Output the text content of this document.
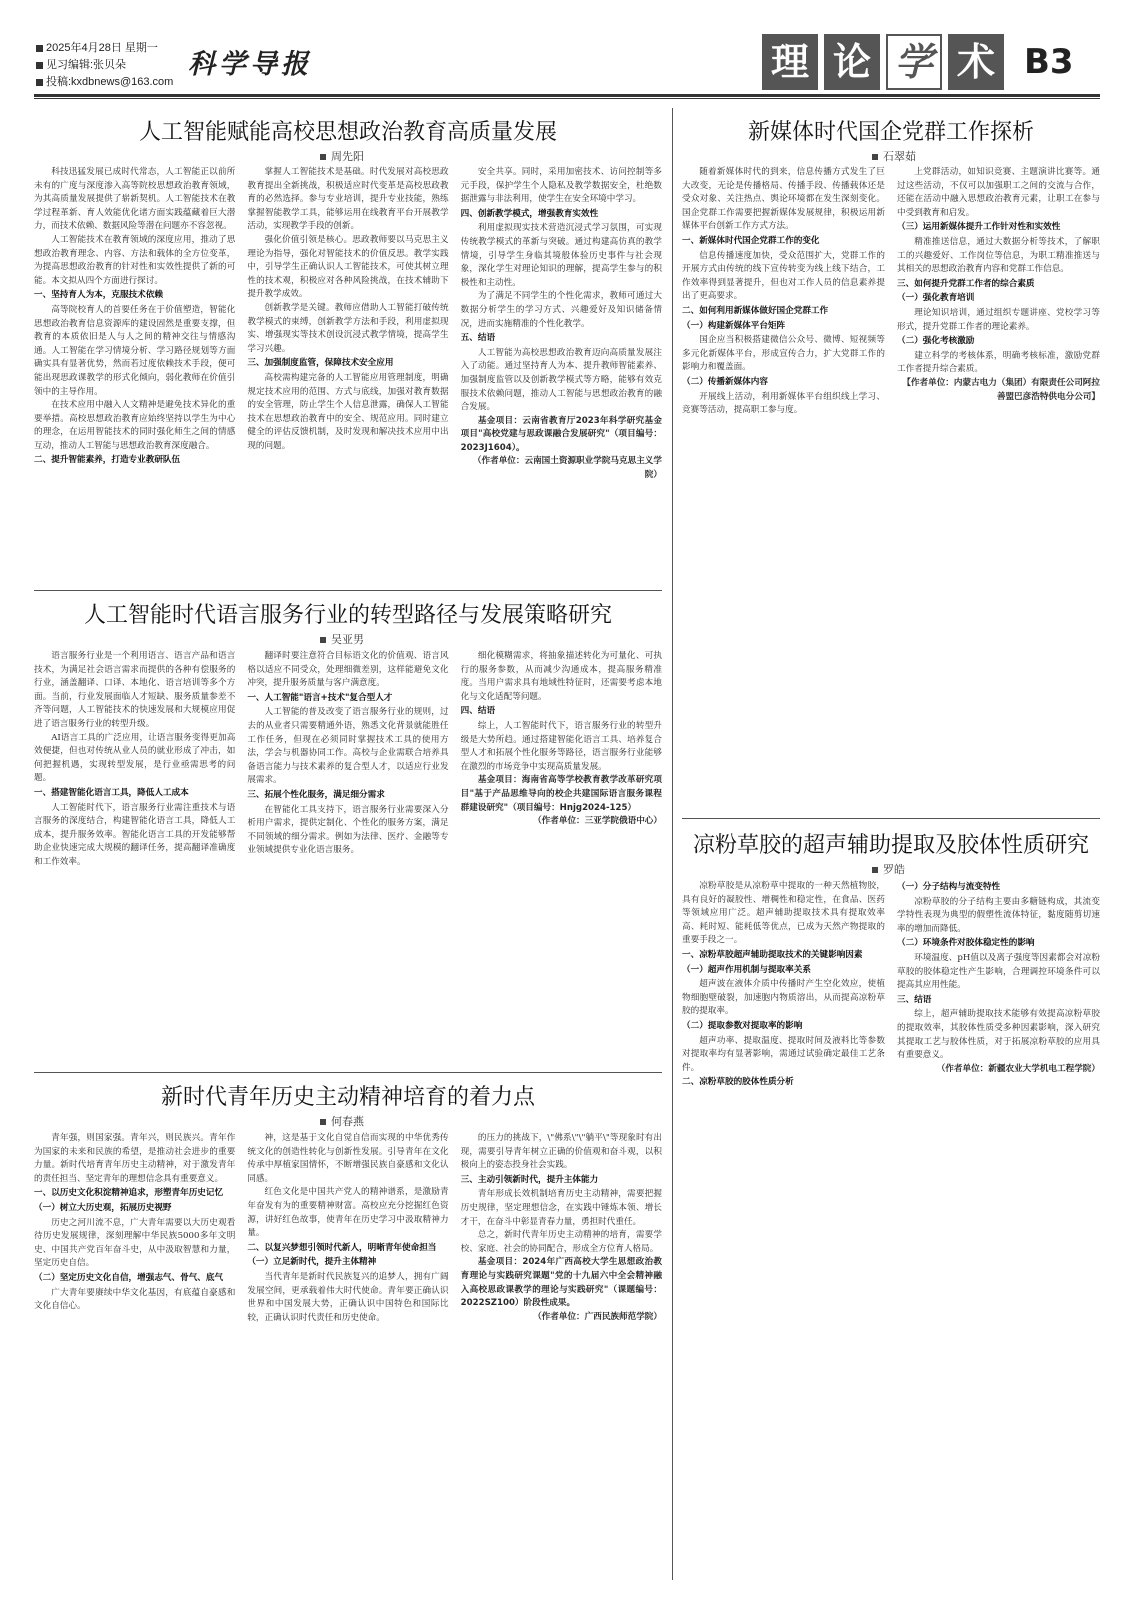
2025年4月28日 星期一
见习编辑:张贝朵
投稿:kxdbnews@163.com
科学导报	理 论 学 术 B3
人工智能赋能高校思想政治教育高质量发展
周先阳

科技迅猛发展已成时代常态，人工智能正以前所未有的广度与深度渗入高等院校思想政治教育领域，为其高质量发展提供了崭新契机。人工智能技术在教学过程革新、育人效能优化诸方面实践蕴藏着巨大潜力，而技术依赖、数据风险等潜在问题亦不容忽视。

人工智能技术在教育领域的深度应用，推动了思想政治教育理念、内容、方法和载体的全方位变革，为提高思想政治教育的针对性和实效性提供了新的可能。本文拟从四个方面进行探讨。

一、坚持育人为本，克服技术依赖

高等院校育人的首要任务在于价值塑造，智能化思想政治教育信息资源库的建设固然是重要支撑，但教育的本质依旧是人与人之间的精神交往与情感沟通。人工智能在学习情境分析、学习路径规划等方面确实具有显著优势，然而若过度依赖技术手段，便可能出现思政课教学的形式化倾向，弱化教师在价值引领中的主导作用。

在技术应用中融入人文精神是避免技术异化的重要举措。高校思想政治教育应始终坚持以学生为中心的理念，在运用智能技术的同时强化师生之间的情感互动，推动人工智能与思想政治教育深度融合。

二、提升智能素养，打造专业教研队伍

掌握人工智能技术是基础。时代发展对高校思政教育提出全新挑战，积极适应时代变革是高校思政教育的必然选择。参与专业培训，提升专业技能，熟练掌握智能教学工具，能够运用在线教育平台开展教学活动，实现教学手段的创新。

强化价值引领是核心。思政教师要以马克思主义理论为指导，强化对智能技术的价值反思。教学实践中，引导学生正确认识人工智能技术，可使其树立理性的技术观，积极应对各种风险挑战，在技术辅助下提升教学成效。

创新教学是关键。教师应借助人工智能打破传统教学模式的束缚，创新教学方法和手段，利用虚拟现实、增强现实等技术创设沉浸式教学情境，提高学生学习兴趣。

三、加强制度监管，保障技术安全应用

高校需构建完备的人工智能应用管理制度，明确规定技术应用的范围、方式与底线，加强对教育数据的安全管理，防止学生个人信息泄露，确保人工智能技术在思想政治教育中的安全、规范应用。同时建立健全的评估反馈机制，及时发现和解决技术应用中出现的问题。

安全共享。同时，采用加密技术、访问控制等多元手段，保护学生个人隐私及教学数据安全，杜绝数据泄露与非法利用，使学生在安全环境中学习。

四、创新教学模式，增强教育实效性

利用虚拟现实技术营造沉浸式学习氛围，可实现传统教学模式的革新与突破。通过构建高仿真的教学情境，引导学生身临其境般体验历史事件与社会现象，深化学生对理论知识的理解，提高学生参与的积极性和主动性。

为了满足不同学生的个性化需求，教师可通过大数据分析学生的学习方式、兴趣爱好及知识储备情况，进而实施精准的个性化教学。

五、结语

人工智能为高校思想政治教育迈向高质量发展注入了动能。通过坚持育人为本、提升教师智能素养、加强制度监管以及创新教学模式等方略，能够有效克服技术依赖问题，推动人工智能与思想政治教育的融合发展。

基金项目：云南省教育厅2023年科学研究基金项目"高校党建与思政课融合发展研究"（项目编号：2023J1604）。

（作者单位：云南国土资源职业学院马克思主义学院）

人工智能时代语言服务行业的转型路径与发展策略研究
吴亚男

语言服务行业是一个利用语言、语言产品和语言技术，为满足社会语言需求而提供的各种有偿服务的行业，涵盖翻译、口译、本地化、语言培训等多个方面。当前，行业发展面临人才短缺、服务质量参差不齐等问题，人工智能技术的快速发展和大规模应用促进了语言服务行业的转型升级。

AI语言工具的广泛应用，让语言服务变得更加高效便捷，但也对传统从业人员的就业形成了冲击，如何把握机遇，实现转型发展，是行业亟需思考的问题。

一、搭建智能化语言工具，降低人工成本

人工智能时代下，语言服务行业需注重技术与语言服务的深度结合，构建智能化语言工具，降低人工成本，提升服务效率。智能化语言工具的开发能够帮助企业快速完成大规模的翻译任务，提高翻译准确度和工作效率。

翻译时要注意符合目标语文化的价值观、语言风格以适应不同受众，处理细微差别，这样能避免文化冲突，提升服务质量与客户满意度。

一、人工智能"语言+技术"复合型人才

人工智能的普及改变了语言服务行业的规则，过去的从业者只需要精通外语，熟悉文化背景就能胜任工作任务，但现在必须同时掌握技术工具的使用方法，学会与机器协同工作。高校与企业需联合培养具备语言能力与技术素养的复合型人才，以适应行业发展需求。

三、拓展个性化服务，满足细分需求

在智能化工具支持下，语言服务行业需要深入分析用户需求，提供定制化、个性化的服务方案，满足不同领域的细分需求。例如为法律、医疗、金融等专业领域提供专业化语言服务。

细化模糊需求，将抽象描述转化为可量化、可执行的服务参数，从而减少沟通成本，提高服务精准度。当用户需求具有地域性特征时，还需要考虑本地化与文化适配等问题。

四、结语

综上，人工智能时代下，语言服务行业的转型升级是大势所趋。通过搭建智能化语言工具、培养复合型人才和拓展个性化服务等路径，语言服务行业能够在激烈的市场竞争中实现高质量发展。

基金项目：海南省高等学校教育教学改革研究项目"基于产品思维导向的校企共建国际语言服务课程群建设研究"（项目编号：Hnjg2024-125）

（作者单位：三亚学院俄语中心）

新时代青年历史主动精神培育的着力点
何春燕

青年强，则国家强。青年兴，则民族兴。青年作为国家的未来和民族的希望，是推动社会进步的重要力量。新时代培育青年历史主动精神，对于激发青年的责任担当、坚定青年的理想信念具有重要意义。

一、以历史文化积淀精神追求，形塑青年历史记忆
（一）树立大历史观，拓展历史视野

历史之河川流不息，广大青年需要以大历史观看待历史发展规律，深刻理解中华民族5000多年文明史、中国共产党百年奋斗史，从中汲取智慧和力量，坚定历史自信。

（二）坚定历史文化自信，增强志气、骨气、底气

广大青年要赓续中华文化基因，有底蕴自豪感和文化自信心。

神，这是基于文化自觉自信而实现的中华优秀传统文化的创造性转化与创新性发展。引导青年在文化传承中厚植家国情怀，不断增强民族自豪感和文化认同感。

红色文化是中国共产党人的精神谱系，是激励青年奋发有为的重要精神财富。高校应充分挖掘红色资源，讲好红色故事，使青年在历史学习中汲取精神力量。

二、以复兴梦想引领时代新人，明晰青年使命担当
（一）立足新时代，提升主体精神

当代青年是新时代民族复兴的追梦人，拥有广阔发展空间，更承载着伟大时代使命。青年要正确认识世界和中国发展大势，正确认识中国特色和国际比较，正确认识时代责任和历史使命。

的压力的挑战下，\"佛系\"\"躺平\"等现象时有出现，需要引导青年树立正确的价值观和奋斗观，以积极向上的姿态投身社会实践。

三、主动引领新时代，提升主体能力

青年形成长效机制培育历史主动精神，需要把握历史规律，坚定理想信念，在实践中锤炼本领、增长才干，在奋斗中彰显青春力量，勇担时代重任。

总之，新时代青年历史主动精神的培育，需要学校、家庭、社会的协同配合，形成全方位育人格局。

基金项目：2024年广西高校大学生思想政治教育理论与实践研究课题"党的十九届六中全会精神融入高校思政课教学的理论与实践研究"（课题编号：2022SZ100）阶段性成果。

（作者单位：广西民族师范学院）

新媒体时代国企党群工作探析
石翠茹

随着新媒体时代的到来，信息传播方式发生了巨大改变，无论是传播格局、传播手段、传播载体还是受众对象、关注热点、舆论环境都在发生深刻变化。国企党群工作需要把握新媒体发展规律，积极运用新媒体平台创新工作方式方法。

一、新媒体时代国企党群工作的变化

信息传播速度加快，受众范围扩大，党群工作的开展方式由传统的线下宣传转变为线上线下结合，工作效率得到显著提升，但也对工作人员的信息素养提出了更高要求。

二、如何利用新媒体做好国企党群工作
（一）构建新媒体平台矩阵

国企应当积极搭建微信公众号、微博、短视频等多元化新媒体平台，形成宣传合力，扩大党群工作的影响力和覆盖面。

（二）传播新媒体内容

开展线上活动，利用新媒体平台组织线上学习、竞赛等活动，提高职工参与度。

上党群活动，如知识竞赛、主题演讲比赛等。通过这些活动，不仅可以加强职工之间的交流与合作，还能在活动中融入思想政治教育元素，让职工在参与中受到教育和启发。

（三）运用新媒体提升工作针对性和实效性

精准推送信息，通过大数据分析等技术，了解职工的兴趣爱好、工作岗位等信息，为职工精准推送与其相关的思想政治教育内容和党群工作信息。

三、如何提升党群工作者的综合素质
（一）强化教育培训

理论知识培训，通过组织专题讲座、党校学习等形式，提升党群工作者的理论素养。

（二）强化考核激励

建立科学的考核体系，明确考核标准，激励党群工作者提升综合素质。

【作者单位：内蒙古电力（集团）有限责任公司阿拉善盟巴彦浩特供电分公司】

凉粉草胶的超声辅助提取及胶体性质研究
罗皓

凉粉草胶是从凉粉草中提取的一种天然植物胶，具有良好的凝胶性、增稠性和稳定性，在食品、医药等领域应用广泛。超声辅助提取技术具有提取效率高、耗时短、能耗低等优点，已成为天然产物提取的重要手段之一。

一、凉粉草胶超声辅助提取技术的关键影响因素
（一）超声作用机制与提取率关系

超声波在液体介质中传播时产生空化效应，使植物细胞壁破裂，加速胞内物质溶出，从而提高凉粉草胶的提取率。

（二）提取参数对提取率的影响

超声功率、提取温度、提取时间及液料比等参数对提取率均有显著影响，需通过试验确定最佳工艺条件。

二、凉粉草胶的胶体性质分析
（一）分子结构与流变特性

凉粉草胶的分子结构主要由多糖链构成，其流变学特性表现为典型的假塑性流体特征，黏度随剪切速率的增加而降低。

（二）环境条件对胶体稳定性的影响

环境温度、pH值以及离子强度等因素都会对凉粉草胶的胶体稳定性产生影响，合理调控环境条件可以提高其应用性能。

三、结语

综上，超声辅助提取技术能够有效提高凉粉草胶的提取效率，其胶体性质受多种因素影响，深入研究其提取工艺与胶体性质，对于拓展凉粉草胶的应用具有重要意义。

（作者单位：新疆农业大学机电工程学院）
